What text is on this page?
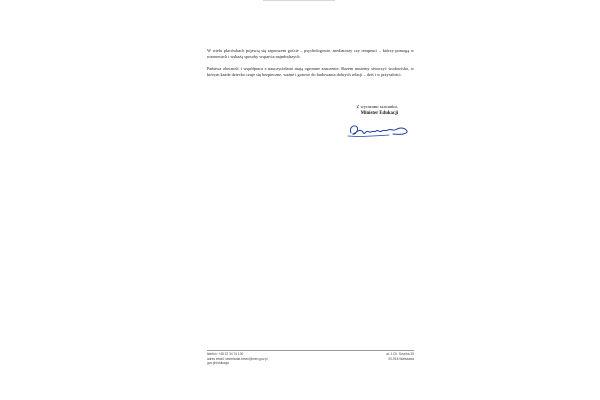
W wielu placówkach pojawią się zaproszeni goście – psychologowie, mediatorzy czy terapeuci – którzy pomogą w rozmowach i wskażą sposoby wsparcia najmłodszych.

Państwa obecność i współpraca z nauczycielami mają ogromne znaczenie. Razem możemy stworzyć środowisko, w którym każde dziecko czuje się bezpieczne, ważne i gotowe do budowania dobrych relacji – dziś i w przyszłości.

Z wyrazami szacunku,
Minister Edukacji
telefon: +48 22 34 74 100
adres email: sekretariat.bmen@men.gov.pl
gov.pl/edukacja
al. J.Ch. Szucha 25
00-918 Warszawa
